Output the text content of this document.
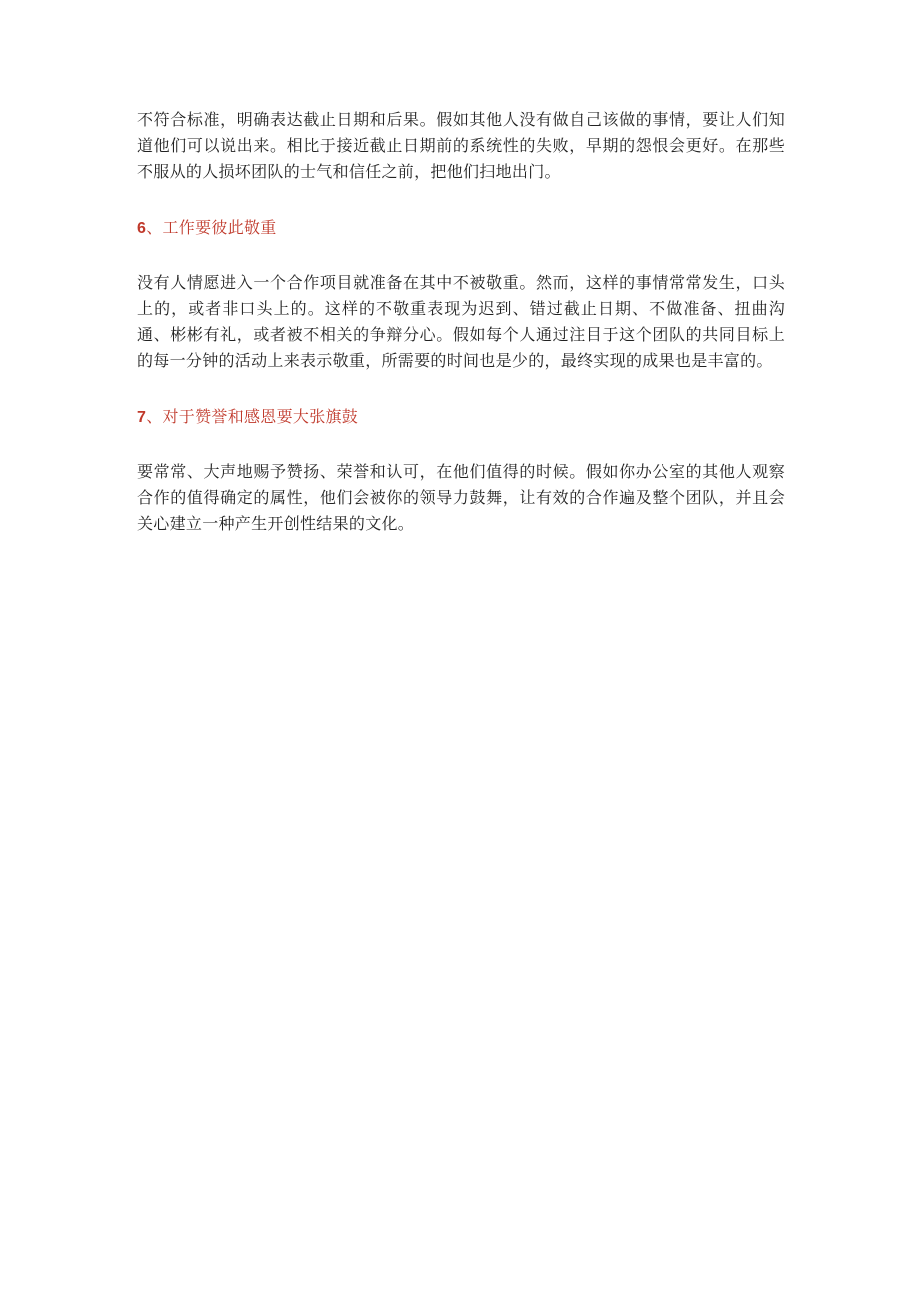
不符合标准，明确表达截止日期和后果。假如其他人没有做自己该做的事情，要让人们知道他们可以说出来。相比于接近截止日期前的系统性的失败，早期的怨恨会更好。在那些不服从的人损坏团队的士气和信任之前，把他们扫地出门。

6、工作要彼此敬重

没有人情愿进入一个合作项目就准备在其中不被敬重。然而，这样的事情常常发生，口头上的，或者非口头上的。这样的不敬重表现为迟到、错过截止日期、不做准备、扭曲沟通、彬彬有礼，或者被不相关的争辩分心。假如每个人通过注目于这个团队的共同目标上的每一分钟的活动上来表示敬重，所需要的时间也是少的，最终实现的成果也是丰富的。

7、对于赞誉和感恩要大张旗鼓

要常常、大声地赐予赞扬、荣誉和认可，在他们值得的时候。假如你办公室的其他人观察合作的值得确定的属性，他们会被你的领导力鼓舞，让有效的合作遍及整个团队，并且会关心建立一种产生开创性结果的文化。
